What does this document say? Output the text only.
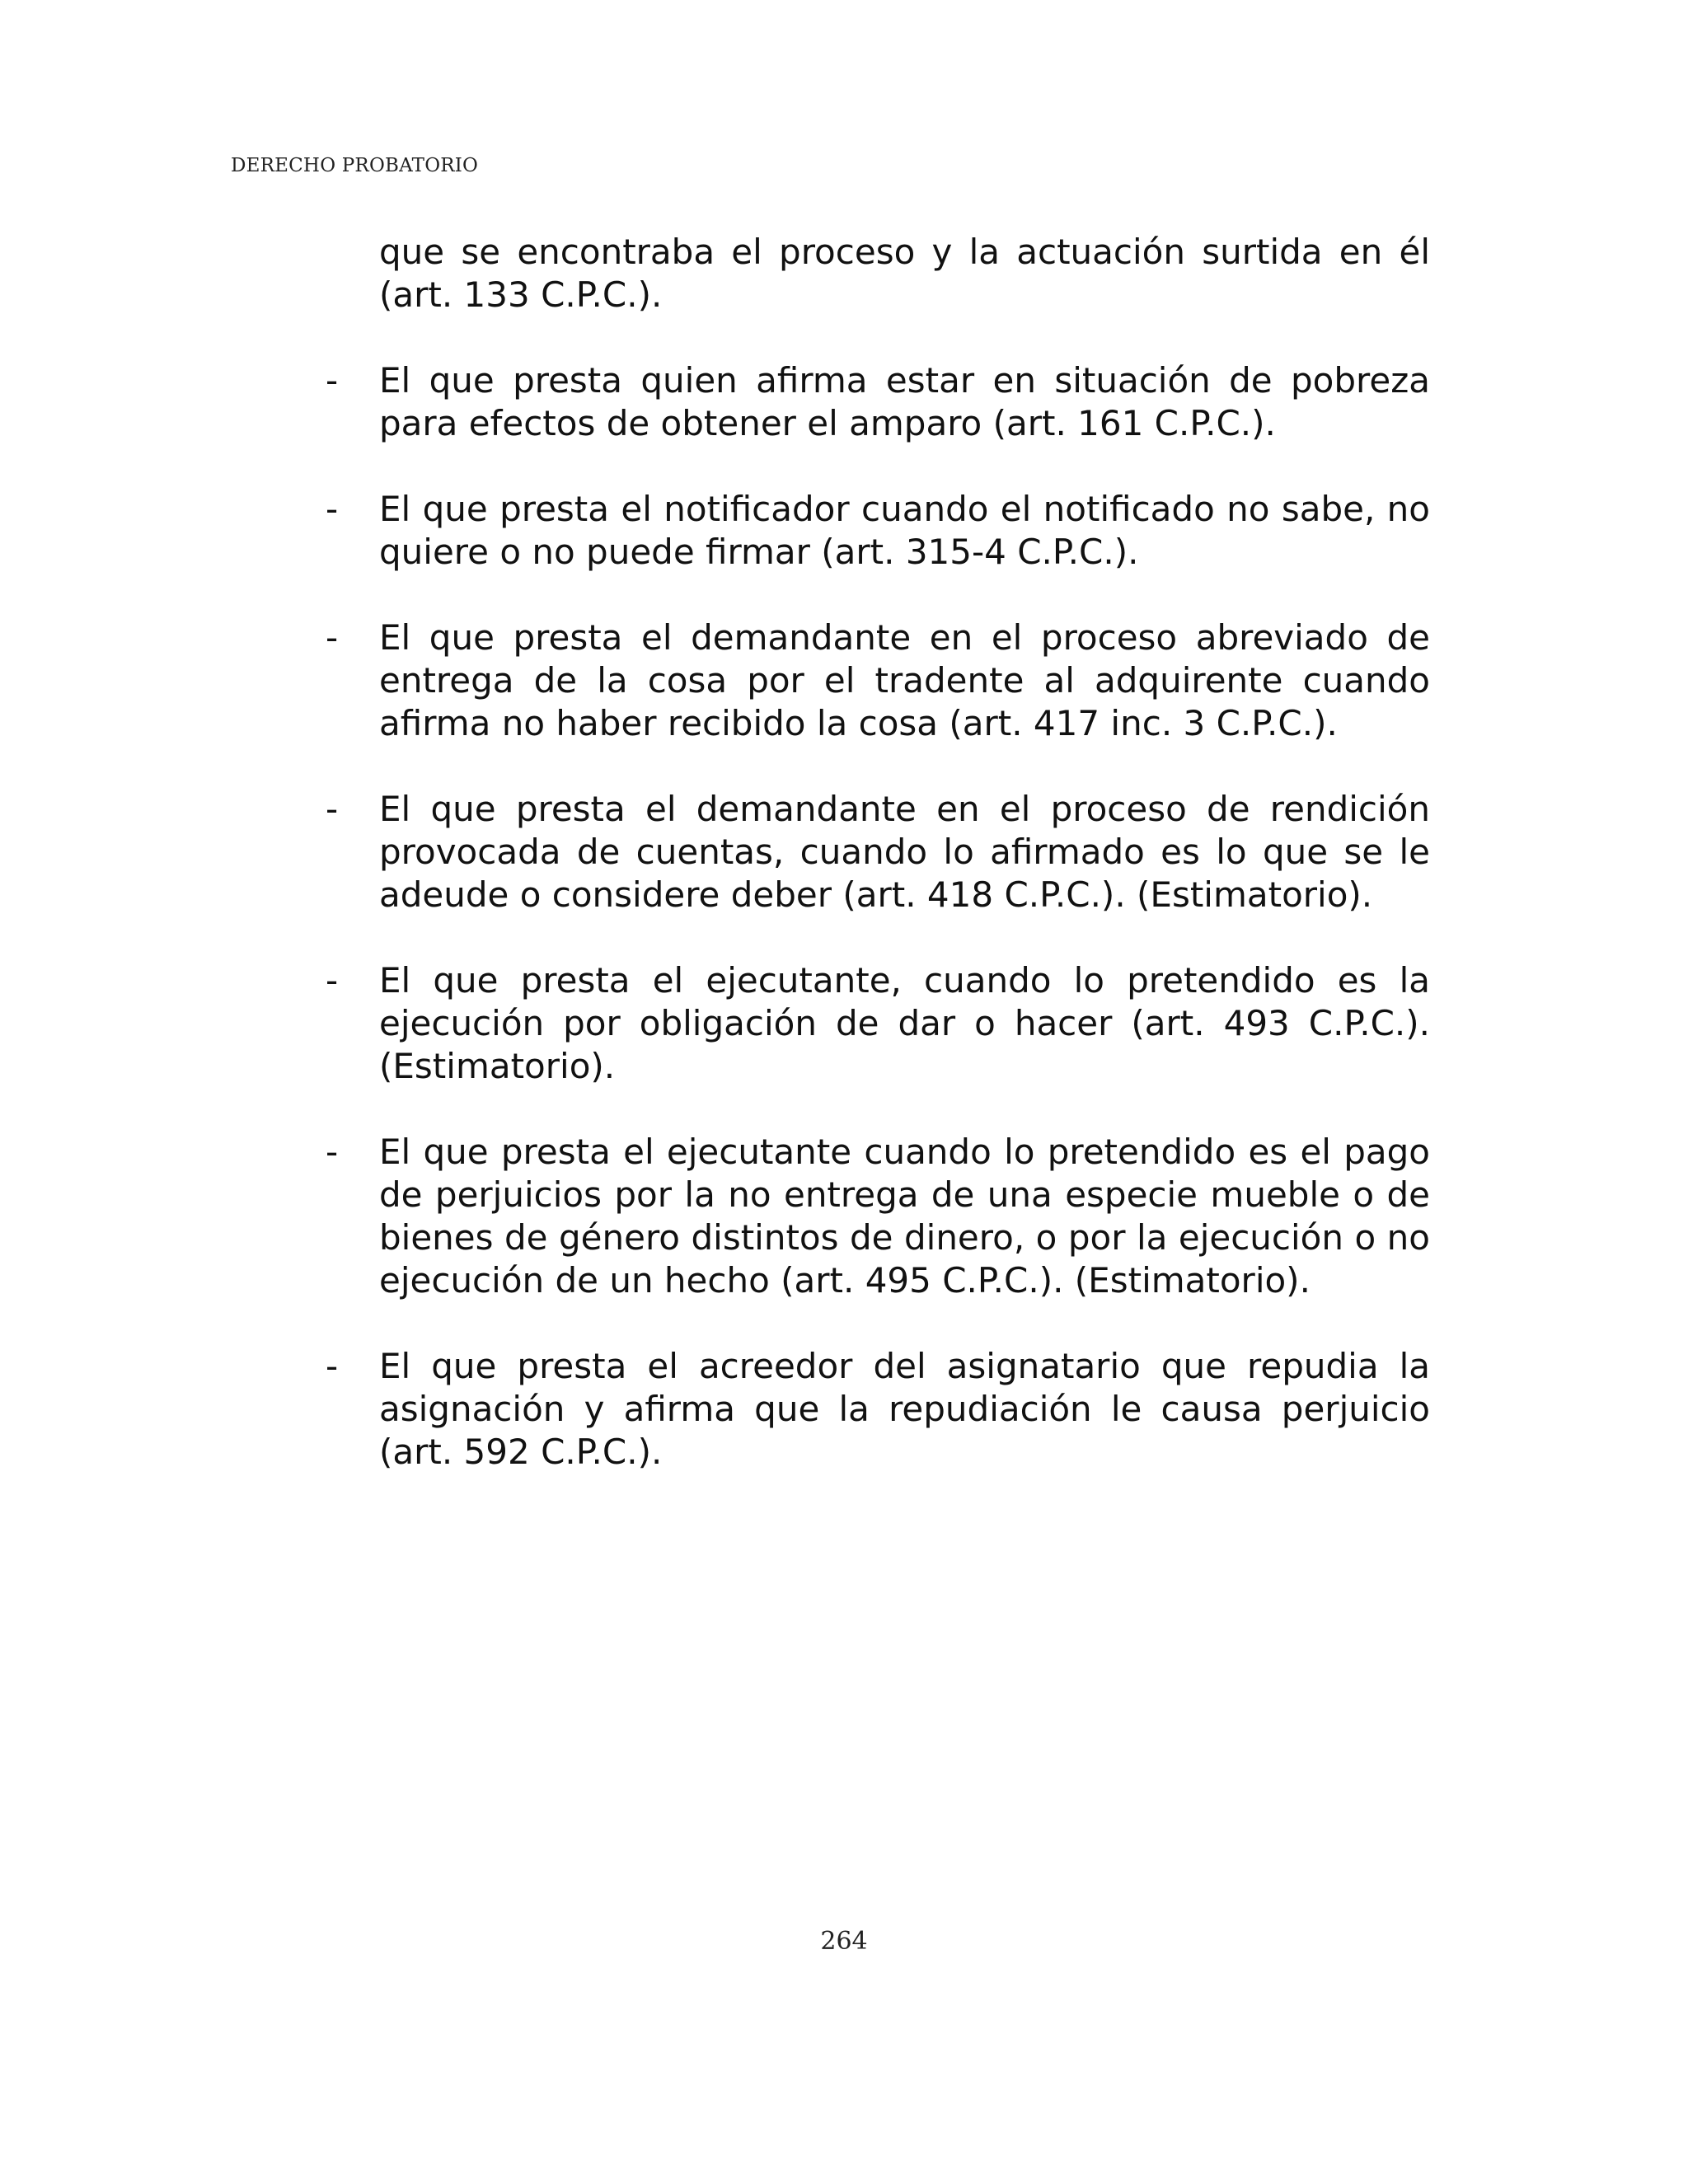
DERECHO PROBATORIO

que se encontraba el proceso y la actuación surtida en él (art. 133 C.P.C.).

- El que presta quien afirma estar en situación de pobreza para efectos de obtener el amparo (art. 161 C.P.C.).
- El que presta el notificador cuando el notificado no sabe, no quiere o no puede firmar (art. 315-4 C.P.C.).
- El que presta el demandante en el proceso abreviado de entrega de la cosa por el tradente al adquirente cuando afirma no haber recibido la cosa (art. 417 inc. 3 C.P.C.).
- El que presta el demandante en el proceso de rendición provocada de cuentas, cuando lo afirmado es lo que se le adeude o considere deber (art. 418 C.P.C.). (Estimatorio).
- El que presta el ejecutante, cuando lo pretendido es la ejecución por obligación de dar o hacer (art. 493 C.P.C.). (Estimatorio).
- El que presta el ejecutante cuando lo pretendido es el pago de perjuicios por la no entrega de una especie mueble o de bienes de género distintos de dinero, o por la ejecución o no ejecución de un hecho (art. 495 C.P.C.). (Estimatorio).
- El que presta el acreedor del asignatario que repudia la asignación y afirma que la repudiación le causa perjuicio (art. 592 C.P.C.).
264
